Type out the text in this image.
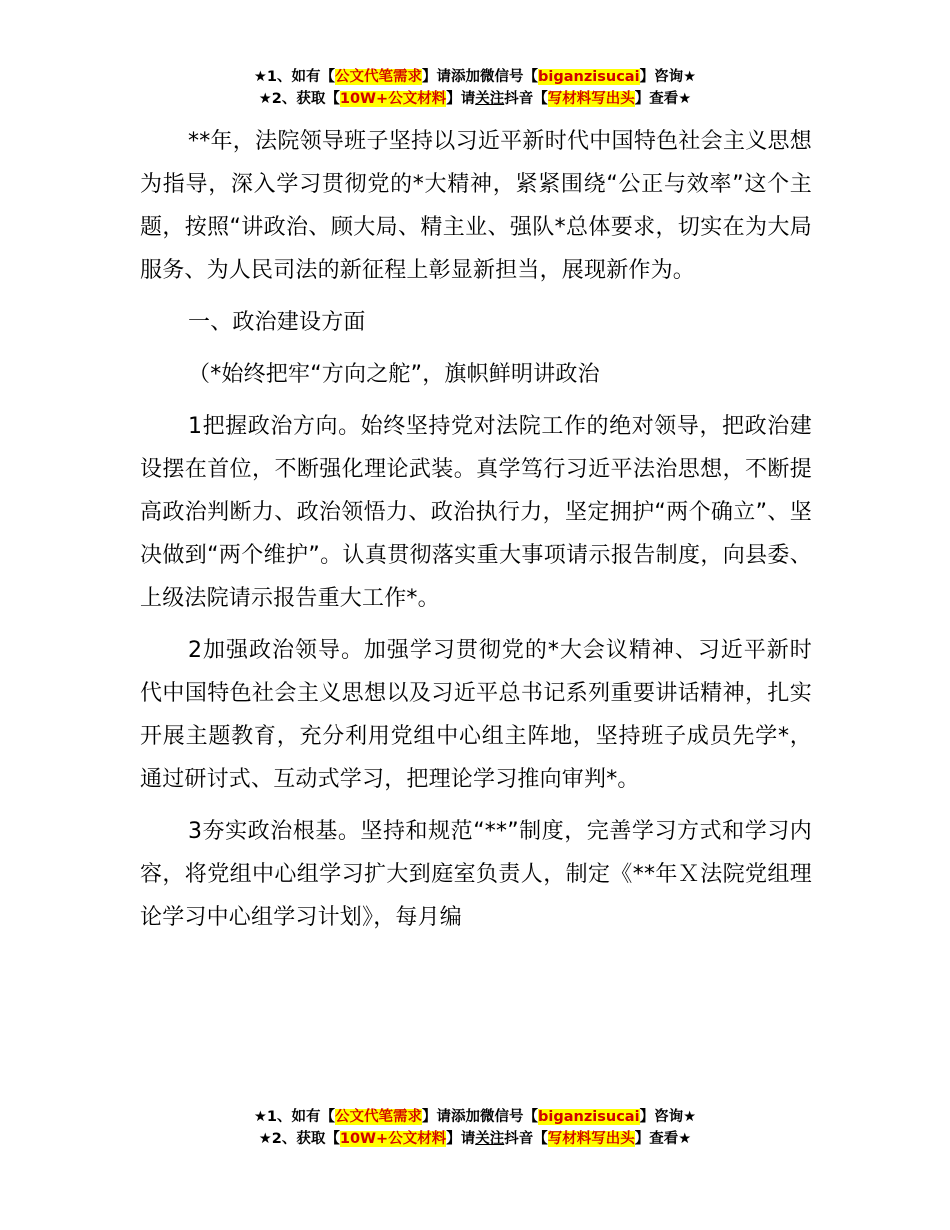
★1、如有【公文代笔需求】请添加微信号【biganzisucai】咨询★
★2、获取【10W+公文材料】请关注抖音【写材料写出头】查看★

**年，法院领导班子坚持以习近平新时代中国特色社会主义思想为指导，深入学习贯彻党的*大精神，紧紧围绕“公正与效率”这个主题，按照“讲政治、顾大局、精主业、强队*总体要求，切实在为大局服务、为人民司法的新征程上彰显新担当，展现新作为。

一、政治建设方面

（*始终把牢“方向之舵”，旗帜鲜明讲政治

1把握政治方向。始终坚持党对法院工作的绝对领导，把政治建设摆在首位，不断强化理论武装。真学笃行习近平法治思想，不断提高政治判断力、政治领悟力、政治执行力，坚定拥护“两个确立”、坚决做到“两个维护”。认真贯彻落实重大事项请示报告制度，向县委、上级法院请示报告重大工作*。

2加强政治领导。加强学习贯彻党的*大会议精神、习近平新时代中国特色社会主义思想以及习近平总书记系列重要讲话精神，扎实开展主题教育，充分利用党组中心组主阵地，坚持班子成员先学*，通过研讨式、互动式学习，把理论学习推向审判*。

3夯实政治根基。坚持和规范“**”制度，完善学习方式和学习内容，将党组中心组学习扩大到庭室负责人，制定《**年Ｘ法院党组理论学习中心组学习计划》，每月编

★1、如有【公文代笔需求】请添加微信号【biganzisucai】咨询★
★2、获取【10W+公文材料】请关注抖音【写材料写出头】查看★
